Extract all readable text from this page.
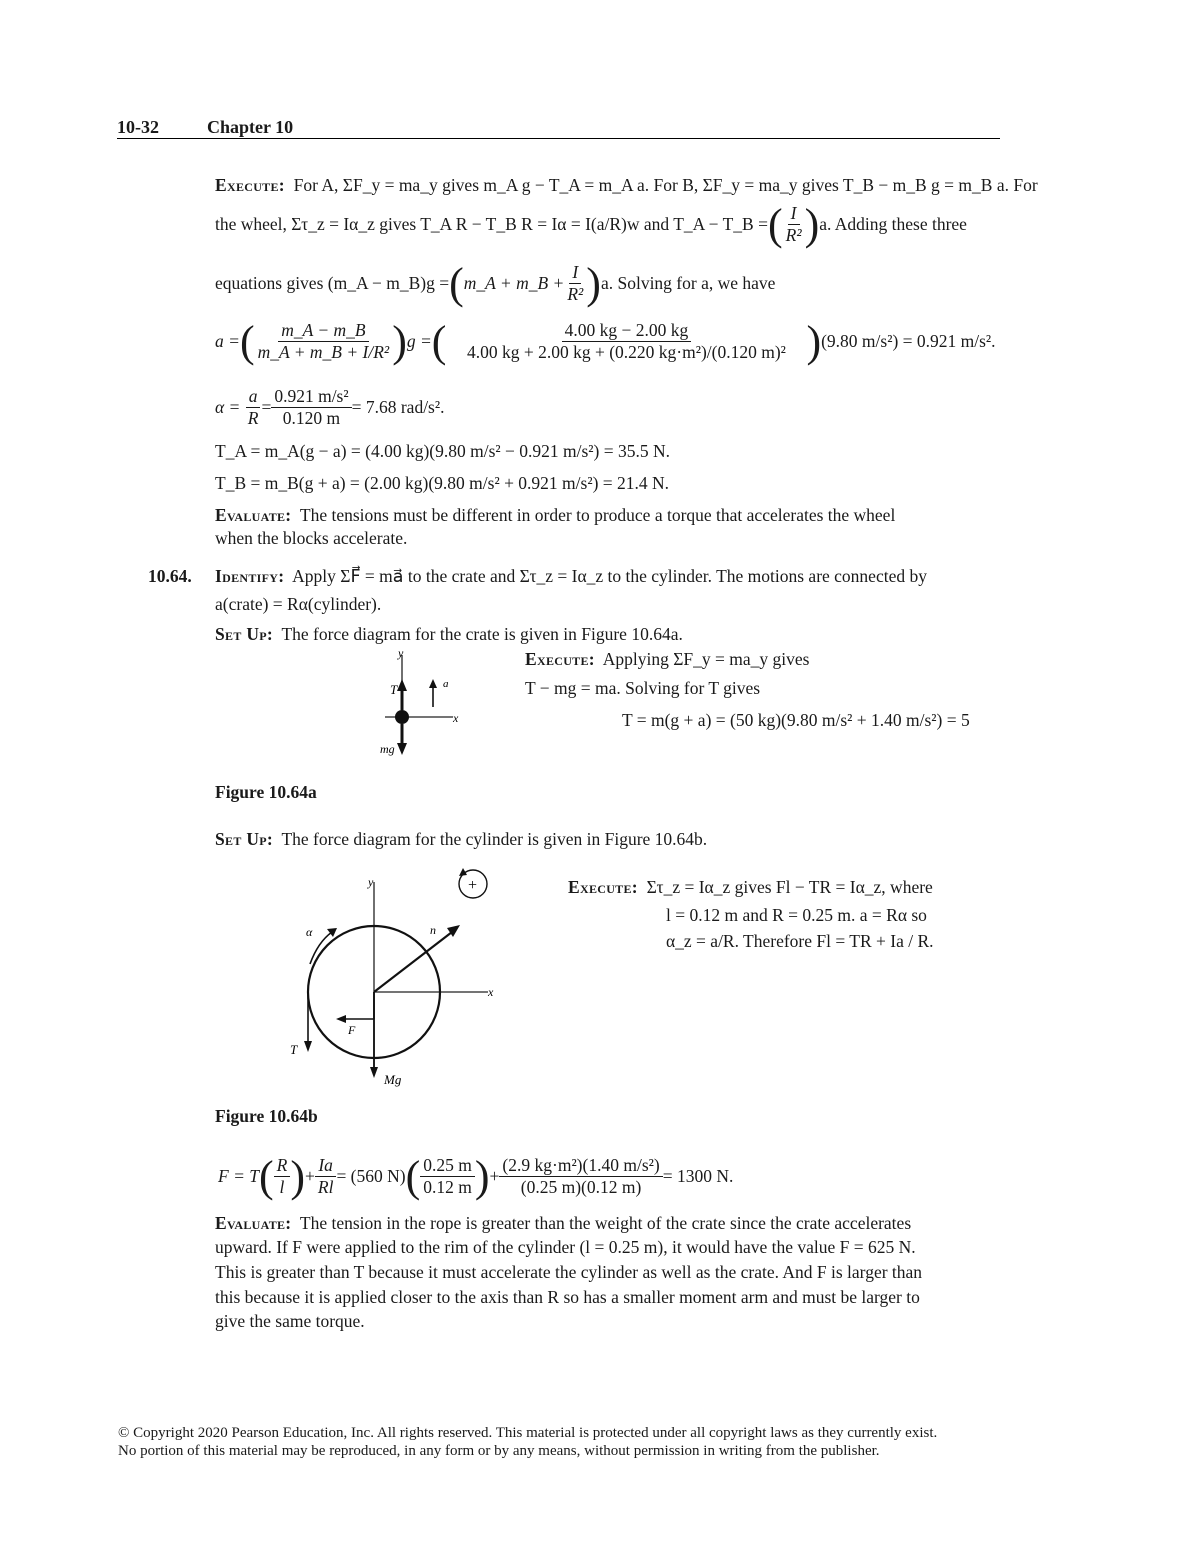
10-32	Chapter 10
Execute: For A, ΣF_y = ma_y gives m_A g − T_A = m_A a. For B, ΣF_y = ma_y gives T_B − m_B g = m_B a. For
the wheel, Στ_z = Iα_z gives T_A R − T_B R = Iα = I(a/R)w and T_A − T_B = ( $\frac{I}{\text{R²}}$ ) a. Adding these three
equations gives (m_A − m_B)g = ( m_A + m_B + $\frac{I}{\text{R²}}$ ) a. Solving for a, we have
a = ( $\frac{m\_A - m\_B}{\text{m\_A + m\_B + I/R²}}$ ) g = ( $\frac{4.00 kg - 2.00 kg}{\text{4.00 kg + 2.00 kg + (0.220 kg·m²)/(0.120 m)²}}$ ) (9.80 m/s²) = 0.921 m/s².
α =
$\frac{a}{R} = \frac{\text{0.921 m/s²}}{0.120 m} = 7.68$ rad/s².
T_A = m_A(g − a) = (4.00 kg)(9.80 m/s² − 0.921 m/s²) = 35.5 N.
T_B = m_B(g + a) = (2.00 kg)(9.80 m/s² + 0.921 m/s²) = 21.4 N.
Evaluate: The tensions must be different in order to produce a torque that accelerates the wheel
when the blocks accelerate.
10.64. Identify: Apply ΣF⃗ = ma⃗ to the crate and Στ_z = Iα_z to the cylinder. The motions are connected by
a(crate) = Rα(cylinder).
Set Up: The force diagram for the crate is given in Figure 10.64a.
y
x
T	a
mg
Execute: Applying ΣF_y = ma_y gives
T − mg = ma. Solving for T gives
T = m(g + a) = (50 kg)(9.80 m/s² + 1.40 m/s²) = 5
Figure 10.64a
Set Up: The force diagram for the cylinder is given in Figure 10.64b.
+
y
x
α	n
F
T
Mg
Execute: Στ_z = Iα_z gives Fl − TR = Iα_z, where
l = 0.12 m and R = 0.25 m. a = Rα so
α_z = a/R. Therefore Fl = TR + Ia / R.
Figure 10.64b
F = T ( $\frac{R}{l}$ ) + $\frac{Ia}{Rl} = (560$ N) ( $\frac{0.25 m}{0.12 m}$ ) + $\frac{\text{(2.9 kg·m²)(1.40 m/s²)}}{(0.25 m)(0.12 m)} = 1300$ N.
Evaluate: The tension in the rope is greater than the weight of the crate since the crate accelerates
upward. If F were applied to the rim of the cylinder (l = 0.25 m), it would have the value F = 625 N.
This is greater than T because it must accelerate the cylinder as well as the crate. And F is larger than
this because it is applied closer to the axis than R so has a smaller moment arm and must be larger to
give the same torque.
© Copyright 2020 Pearson Education, Inc. All rights reserved. This material is protected under all copyright laws as they currently exist.
No portion of this material may be reproduced, in any form or by any means, without permission in writing from the publisher.
